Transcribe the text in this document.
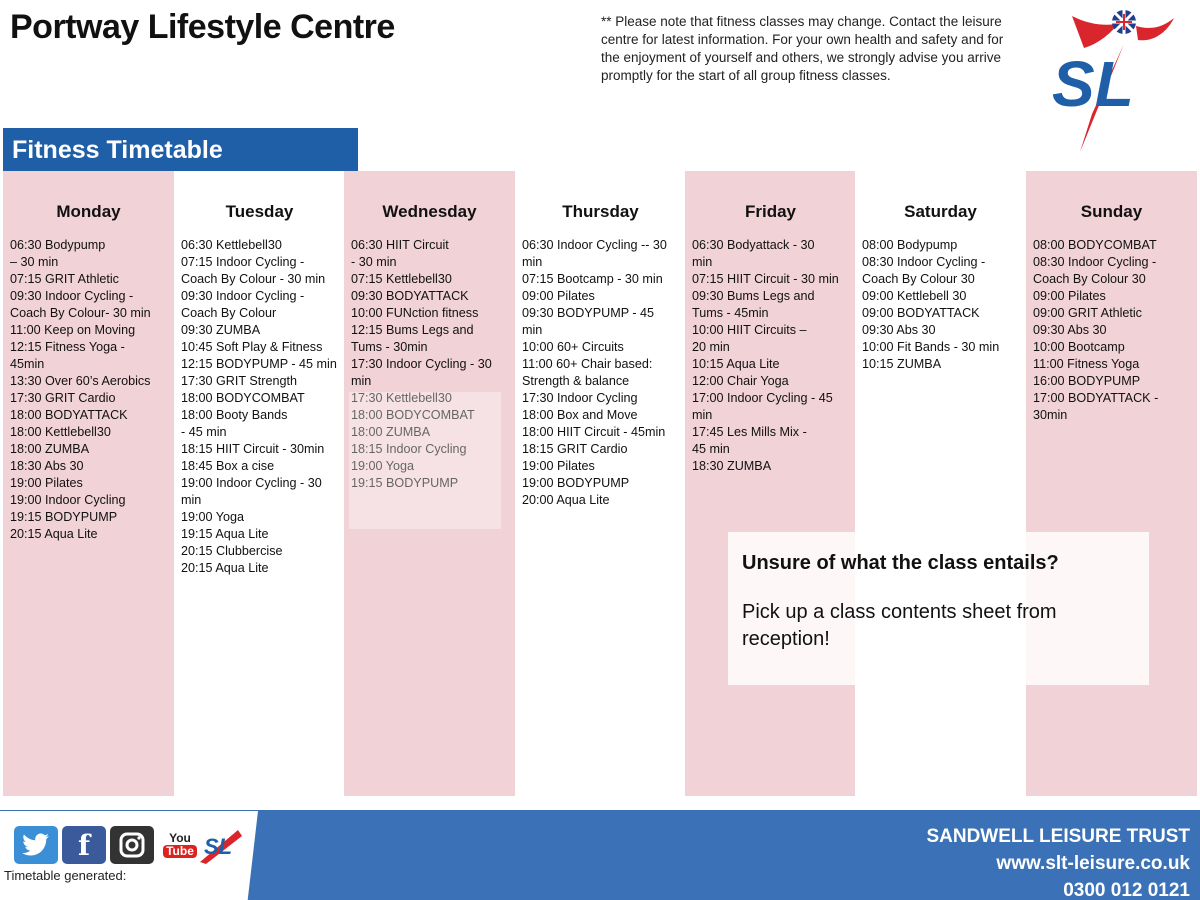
Portway Lifestyle Centre	** Please note that fitness classes may change. Contact the leisure centre for latest information. For your own health and safety and for the enjoyment of yourself and others, we strongly advise you arrive promptly for the start of all group fitness classes.	SL
Fitness Timetable
Monday
06:30 Bodypump
– 30 min
07:15 GRIT Athletic
09:30 Indoor Cycling -
Coach By Colour- 30 min
11:00 Keep on Moving
12:15 Fitness Yoga -
45min
13:30 Over 60’s Aerobics
17:30 GRIT Cardio
18:00 BODYATTACK
18:00 Kettlebell30
18:00 ZUMBA
18:30 Abs 30
19:00 Pilates
19:00 Indoor Cycling
19:15 BODYPUMP
20:15 Aqua Lite
Tuesday
06:30 Kettlebell30
07:15 Indoor Cycling -
Coach By Colour - 30 min
09:30 Indoor Cycling -
Coach By Colour
09:30 ZUMBA
10:45 Soft Play & Fitness
12:15 BODYPUMP - 45 min
17:30 GRIT Strength
18:00 BODYCOMBAT
18:00 Booty Bands
- 45 min
18:15 HIIT Circuit - 30min
18:45 Box a cise
19:00 Indoor Cycling - 30
min
19:00 Yoga
19:15 Aqua Lite
20:15 Clubbercise
20:15 Aqua Lite
Wednesday
06:30 HIIT Circuit
- 30 min
07:15 Kettlebell30
09:30 BODYATTACK
10:00 FUNction fitness
12:15 Bums Legs and
Tums - 30min
17:30 Indoor Cycling - 30
min
17:30 Kettlebell30
18:00 BODYCOMBAT
18:00 ZUMBA
18:15 Indoor Cycling
19:00 Yoga
19:15 BODYPUMP
Thursday
06:30 Indoor Cycling -- 30
min
07:15 Bootcamp - 30 min
09:00 Pilates
09:30 BODYPUMP - 45
min
10:00 60+ Circuits
11:00 60+ Chair based:
Strength & balance
17:30 Indoor Cycling
18:00 Box and Move
18:00 HIIT Circuit - 45min
18:15 GRIT Cardio
19:00 Pilates
19:00 BODYPUMP
20:00 Aqua Lite
Friday
06:30 Bodyattack - 30
min
07:15 HIIT Circuit - 30 min
09:30 Bums Legs and
Tums - 45min
10:00 HIIT Circuits –
20 min
10:15 Aqua Lite
12:00 Chair Yoga
17:00 Indoor Cycling - 45
min
17:45 Les Mills Mix -
45 min
18:30 ZUMBA
Saturday
08:00 Bodypump
08:30 Indoor Cycling -
Coach By Colour 30
09:00 Kettlebell 30
09:00 BODYATTACK
09:30 Abs 30
10:00 Fit Bands - 30 min
10:15 ZUMBA
Sunday
08:00 BODYCOMBAT
08:30 Indoor Cycling -
Coach By Colour 30
09:00 Pilates
09:00 GRIT Athletic
09:30 Abs 30
10:00 Bootcamp
11:00 Fitness Yoga
16:00 BODYPUMP
17:00 BODYATTACK -
30min
Unsure of what the class entails?
Pick up a class contents sheet from reception!
f	You
Tube SL
Timetable generated:
SANDWELL LEISURE TRUST
www.slt-leisure.co.uk
0300 012 0121
